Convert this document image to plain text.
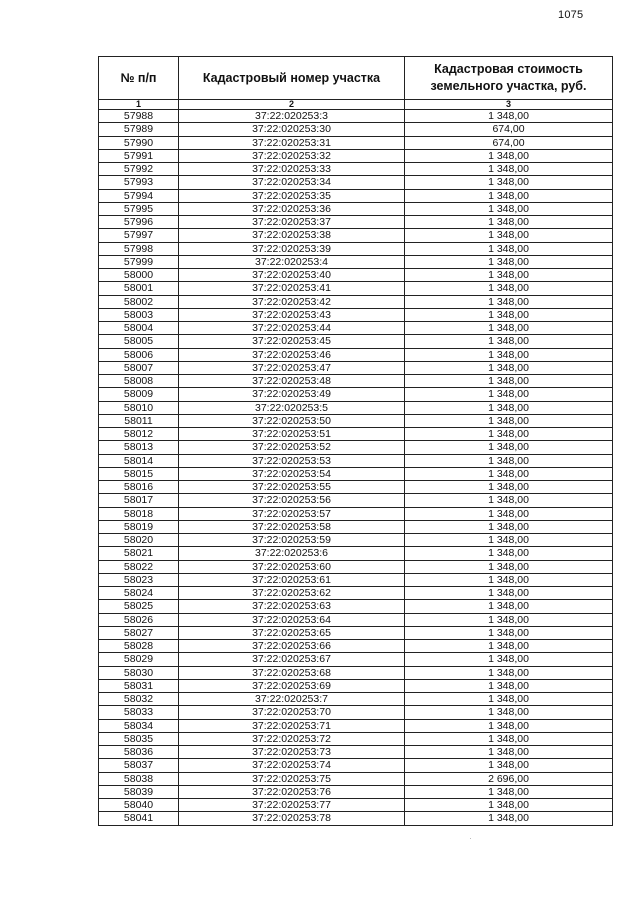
1075
№ п/п	Кадастровый номер участка	Кадастровая стоимость земельного участка, руб.
1	2	3
57988	37:22:020253:3	1 348,00
57989	37:22:020253:30	674,00
57990	37:22:020253:31	674,00
57991	37:22:020253:32	1 348,00
57992	37:22:020253:33	1 348,00
57993	37:22:020253:34	1 348,00
57994	37:22:020253:35	1 348,00
57995	37:22:020253:36	1 348,00
57996	37:22:020253:37	1 348,00
57997	37:22:020253:38	1 348,00
57998	37:22:020253:39	1 348,00
57999	37:22:020253:4	1 348,00
58000	37:22:020253:40	1 348,00
58001	37:22:020253:41	1 348,00
58002	37:22:020253:42	1 348,00
58003	37:22:020253:43	1 348,00
58004	37:22:020253:44	1 348,00
58005	37:22:020253:45	1 348,00
58006	37:22:020253:46	1 348,00
58007	37:22:020253:47	1 348,00
58008	37:22:020253:48	1 348,00
58009	37:22:020253:49	1 348,00
58010	37:22:020253:5	1 348,00
58011	37:22:020253:50	1 348,00
58012	37:22:020253:51	1 348,00
58013	37:22:020253:52	1 348,00
58014	37:22:020253:53	1 348,00
58015	37:22:020253:54	1 348,00
58016	37:22:020253:55	1 348,00
58017	37:22:020253:56	1 348,00
58018	37:22:020253:57	1 348,00
58019	37:22:020253:58	1 348,00
58020	37:22:020253:59	1 348,00
58021	37:22:020253:6	1 348,00
58022	37:22:020253:60	1 348,00
58023	37:22:020253:61	1 348,00
58024	37:22:020253:62	1 348,00
58025	37:22:020253:63	1 348,00
58026	37:22:020253:64	1 348,00
58027	37:22:020253:65	1 348,00
58028	37:22:020253:66	1 348,00
58029	37:22:020253:67	1 348,00
58030	37:22:020253:68	1 348,00
58031	37:22:020253:69	1 348,00
58032	37:22:020253:7	1 348,00
58033	37:22:020253:70	1 348,00
58034	37:22:020253:71	1 348,00
58035	37:22:020253:72	1 348,00
58036	37:22:020253:73	1 348,00
58037	37:22:020253:74	1 348,00
58038	37:22:020253:75	2 696,00
58039	37:22:020253:76	1 348,00
58040	37:22:020253:77	1 348,00
58041	37:22:020253:78	1 348,00
